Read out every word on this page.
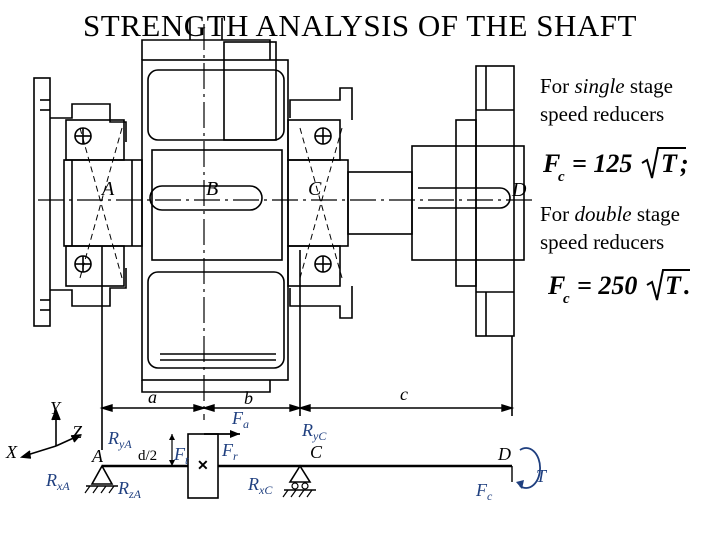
STRENGTH ANALYSIS OF THE SHAFT
For single stage
speed reducers
For double stage
speed reducers
F
c = 125 T ;
F
c = 250 T .
A	B	C	D
Y
Z
X
a	b	c
✕
d/2
$F_a$
$F_r$
$F_t$
A
$R_{yA}$
$R_{xA}$	$R_{zA}$
C
$R_{yC}$
$R_{xC}$
D
$F_c$
T
